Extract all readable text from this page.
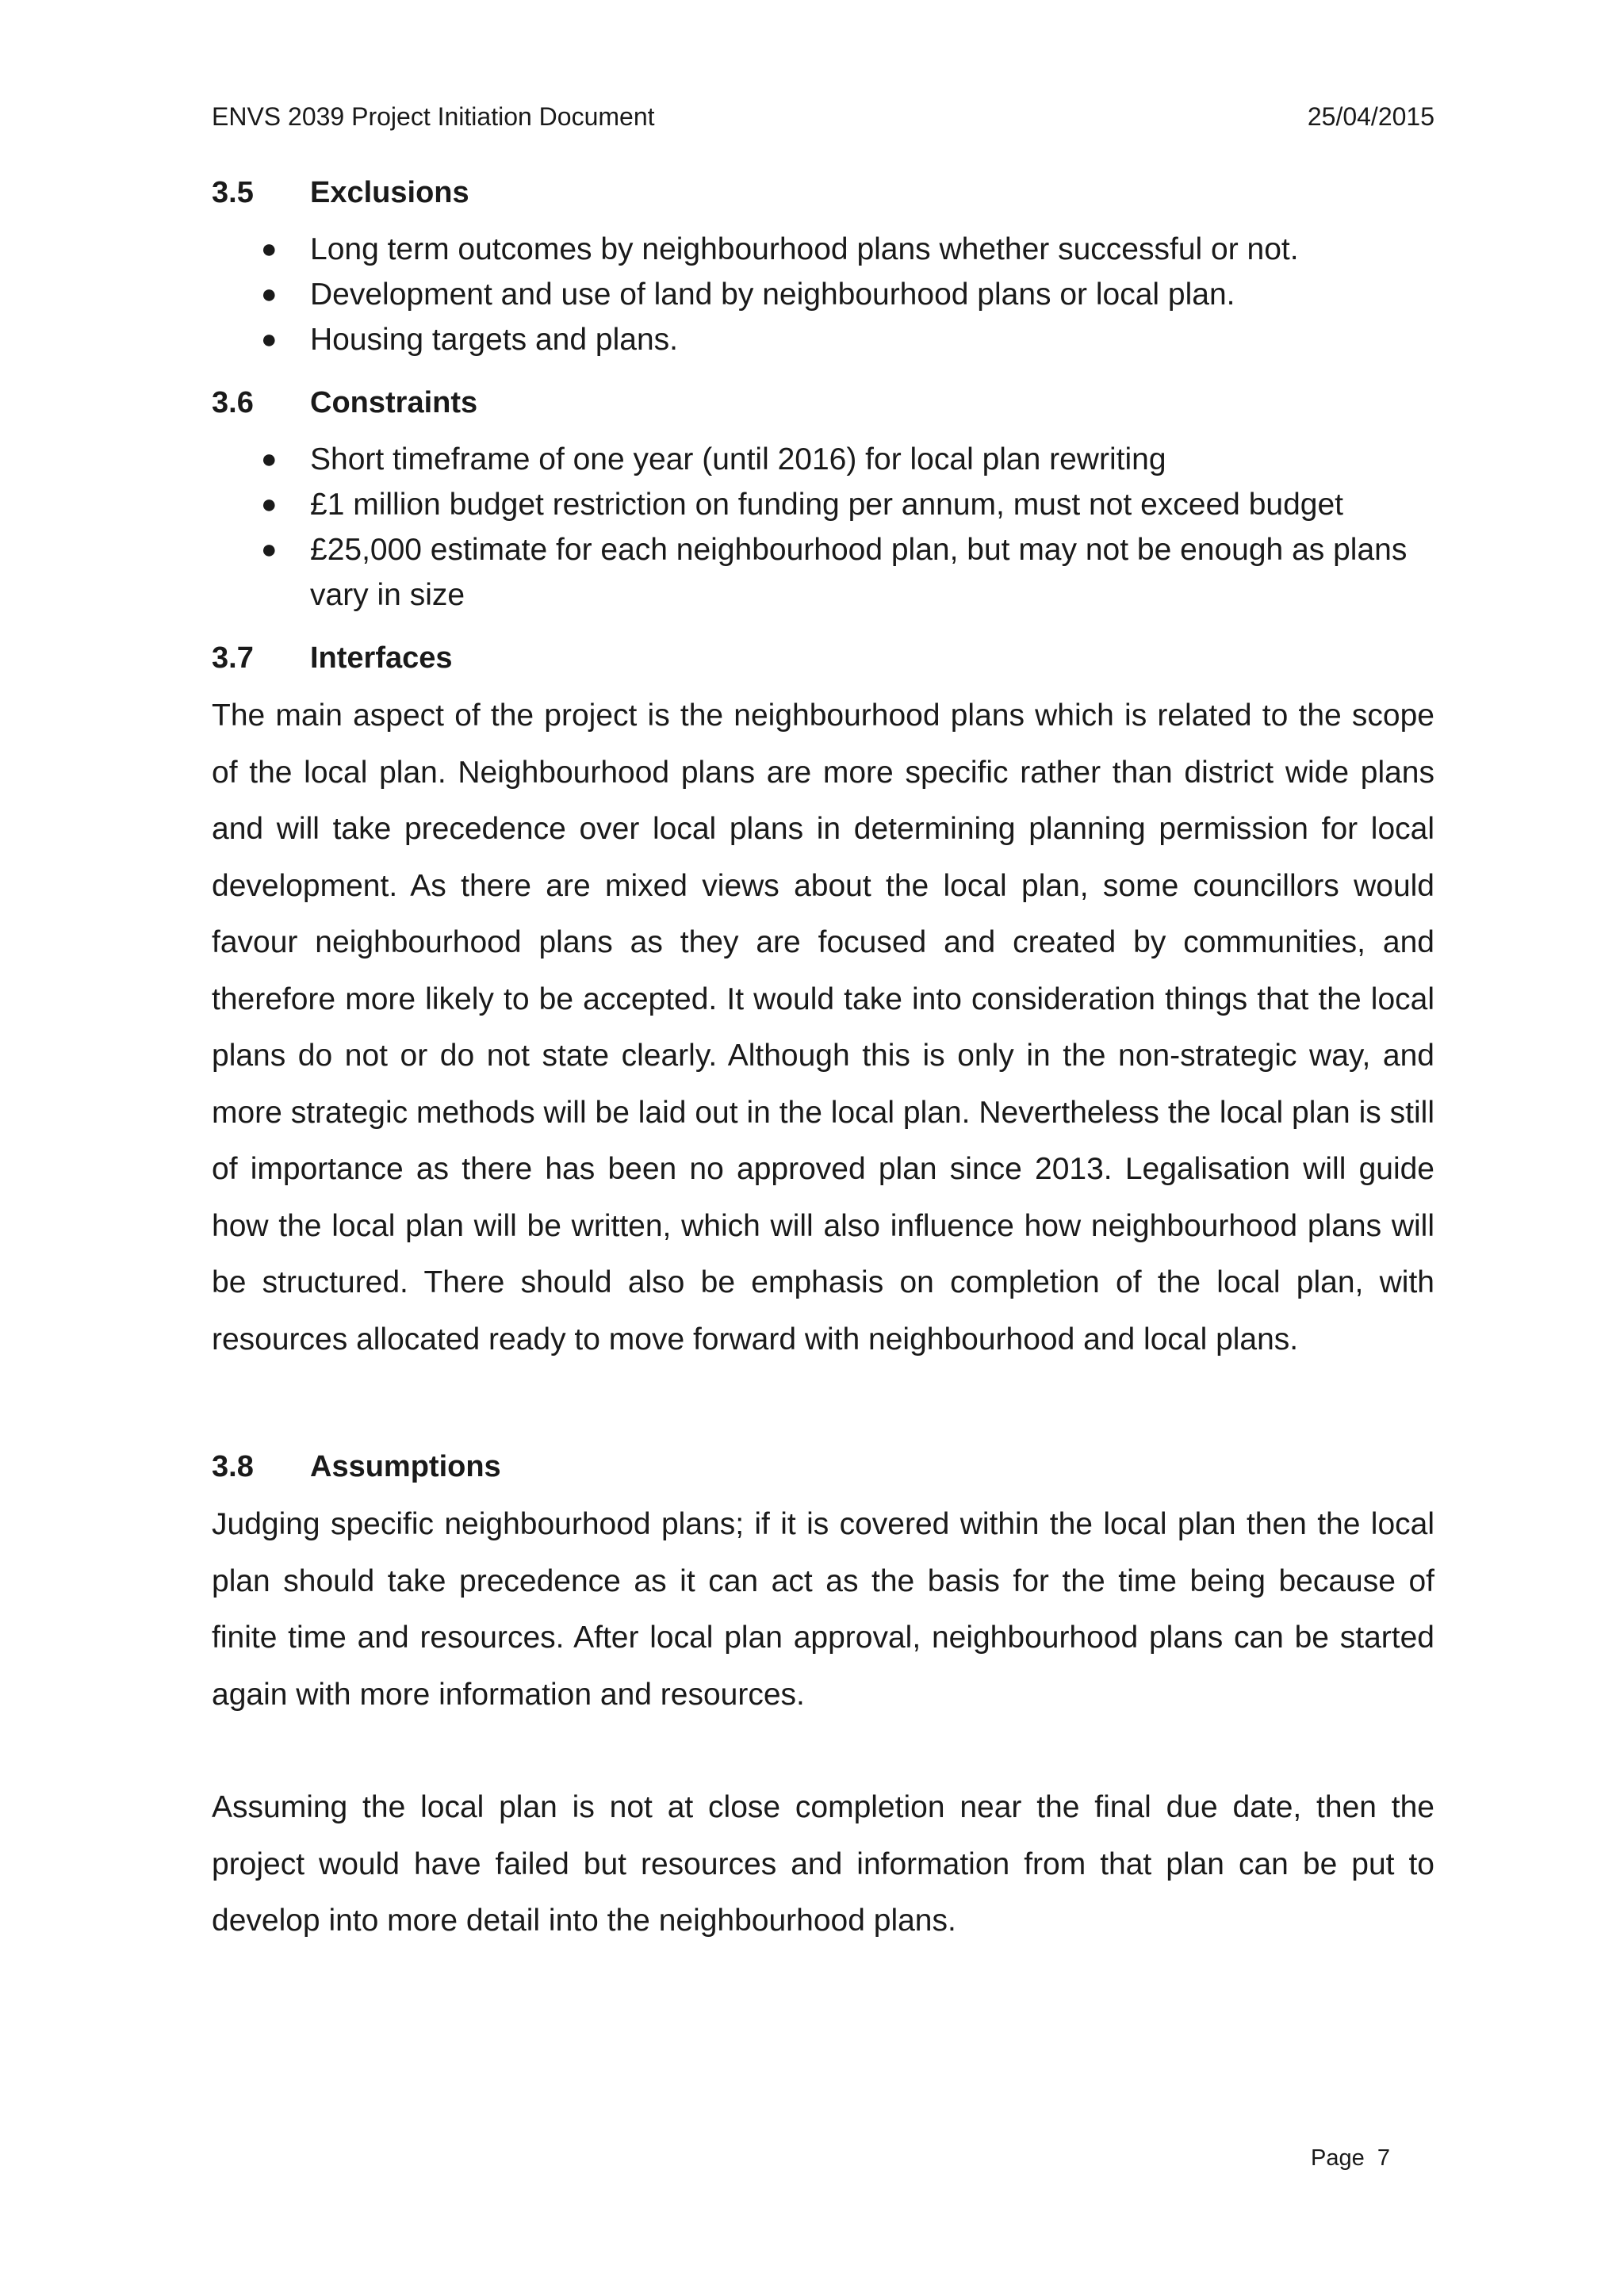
ENVS 2039 Project Initiation Document	25/04/2015
3.5	Exclusions
● Long term outcomes by neighbourhood plans whether successful or not.
● Development and use of land by neighbourhood plans or local plan.
● Housing targets and plans.
3.6	Constraints
● Short timeframe of one year (until 2016) for local plan rewriting
● £1 million budget restriction on funding per annum, must not exceed budget
● £25,000 estimate for each neighbourhood plan, but may not be enough as plans vary in size
3.7	Interfaces

The main aspect of the project is the neighbourhood plans which is related to the scope of the local plan. Neighbourhood plans are more specific rather than district wide plans and will take precedence over local plans in determining planning permission for local development. As there are mixed views about the local plan, some councillors would favour neighbourhood plans as they are focused and created by communities, and therefore more likely to be accepted. It would take into consideration things that the local plans do not or do not state clearly. Although this is only in the non-strategic way, and more strategic methods will be laid out in the local plan. Nevertheless the local plan is still of importance as there has been no approved plan since 2013. Legalisation will guide how the local plan will be written, which will also influence how neighbourhood plans will be structured. There should also be emphasis on completion of the local plan, with resources allocated ready to move forward with neighbourhood and local plans.

3.8	Assumptions

Judging specific neighbourhood plans; if it is covered within the local plan then the local plan should take precedence as it can act as the basis for the time being because of finite time and resources. After local plan approval, neighbourhood plans can be started again with more information and resources.

Assuming the local plan is not at close completion near the final due date, then the project would have failed but resources and information from that plan can be put to develop into more detail into the neighbourhood plans.

Page 7
